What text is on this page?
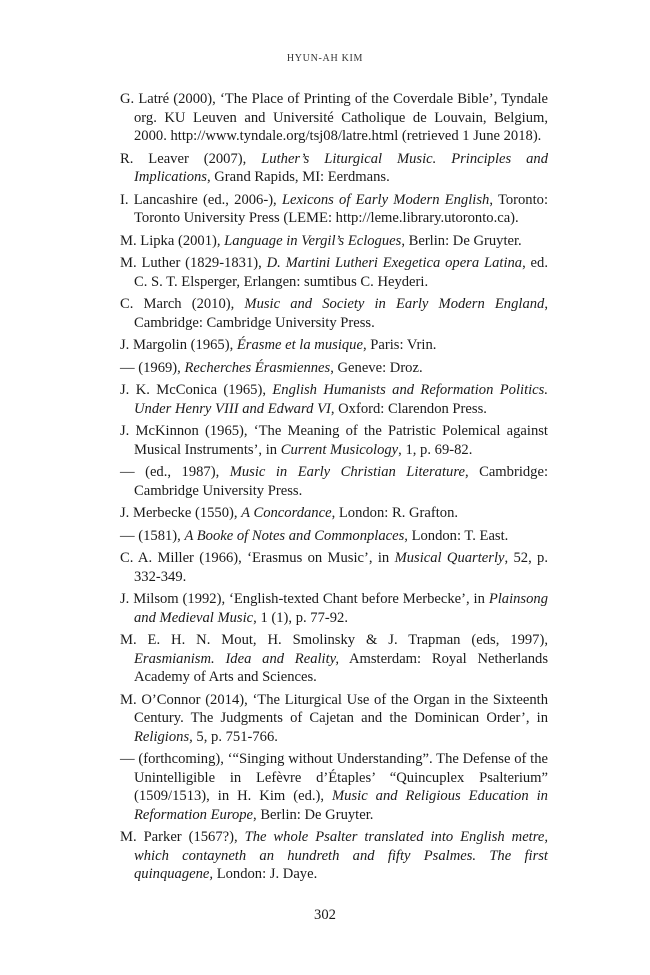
HYUN-AH KIM
G. Latré (2000), ‘The Place of Printing of the Coverdale Bible’, Tyndale org. KU Leuven and Université Catholique de Louvain, Belgium, 2000. http://www.tyndale.org/tsj08/latre.html (retrieved 1 June 2018).
R. Leaver (2007), Luther’s Liturgical Music. Principles and Implications, Grand Rapids, MI: Eerdmans.
I. Lancashire (ed., 2006-), Lexicons of Early Modern English, Toronto: Toronto University Press (LEME: http://leme.library.utoronto.ca).
M. Lipka (2001), Language in Vergil’s Eclogues, Berlin: De Gruyter.
M. Luther (1829-1831), D. Martini Lutheri Exegetica opera Latina, ed. C. S. T. Elsperger, Erlangen: sumtibus C. Heyderi.
C. March (2010), Music and Society in Early Modern England, Cambridge: Cambridge University Press.
J. Margolin (1965), Érasme et la musique, Paris: Vrin.
— (1969), Recherches Érasmiennes, Geneve: Droz.
J. K. McConica (1965), English Humanists and Reformation Politics. Under Henry VIII and Edward VI, Oxford: Clarendon Press.
J. McKinnon (1965), ‘The Meaning of the Patristic Polemical against Musical Instruments’, in Current Musicology, 1, p. 69-82.
— (ed., 1987), Music in Early Christian Literature, Cambridge: Cambridge University Press.
J. Merbecke (1550), A Concordance, London: R. Grafton.
— (1581), A Booke of Notes and Commonplaces, London: T. East.
C. A. Miller (1966), ‘Erasmus on Music’, in Musical Quarterly, 52, p. 332-349.
J. Milsom (1992), ‘English-texted Chant before Merbecke’, in Plainsong and Medieval Music, 1 (1), p. 77-92.
M. E. H. N. Mout, H. Smolinsky & J. Trapman (eds, 1997), Erasmianism. Idea and Reality, Amsterdam: Royal Netherlands Academy of Arts and Sciences.
M. O’Connor (2014), ‘The Liturgical Use of the Organ in the Sixteenth Century. The Judgments of Cajetan and the Dominican Order’, in Religions, 5, p. 751-766.
— (forthcoming), ‘“Singing without Understanding”. The Defense of the Unintelligible in Lefèvre d’Étaples’ “Quincuplex Psalterium” (1509/1513), in H. Kim (ed.), Music and Religious Education in Reformation Europe, Berlin: De Gruyter.
M. Parker (1567?), The whole Psalter translated into English metre, which contayneth an hundreth and fifty Psalmes. The first quinquagene, London: J. Daye.
302
